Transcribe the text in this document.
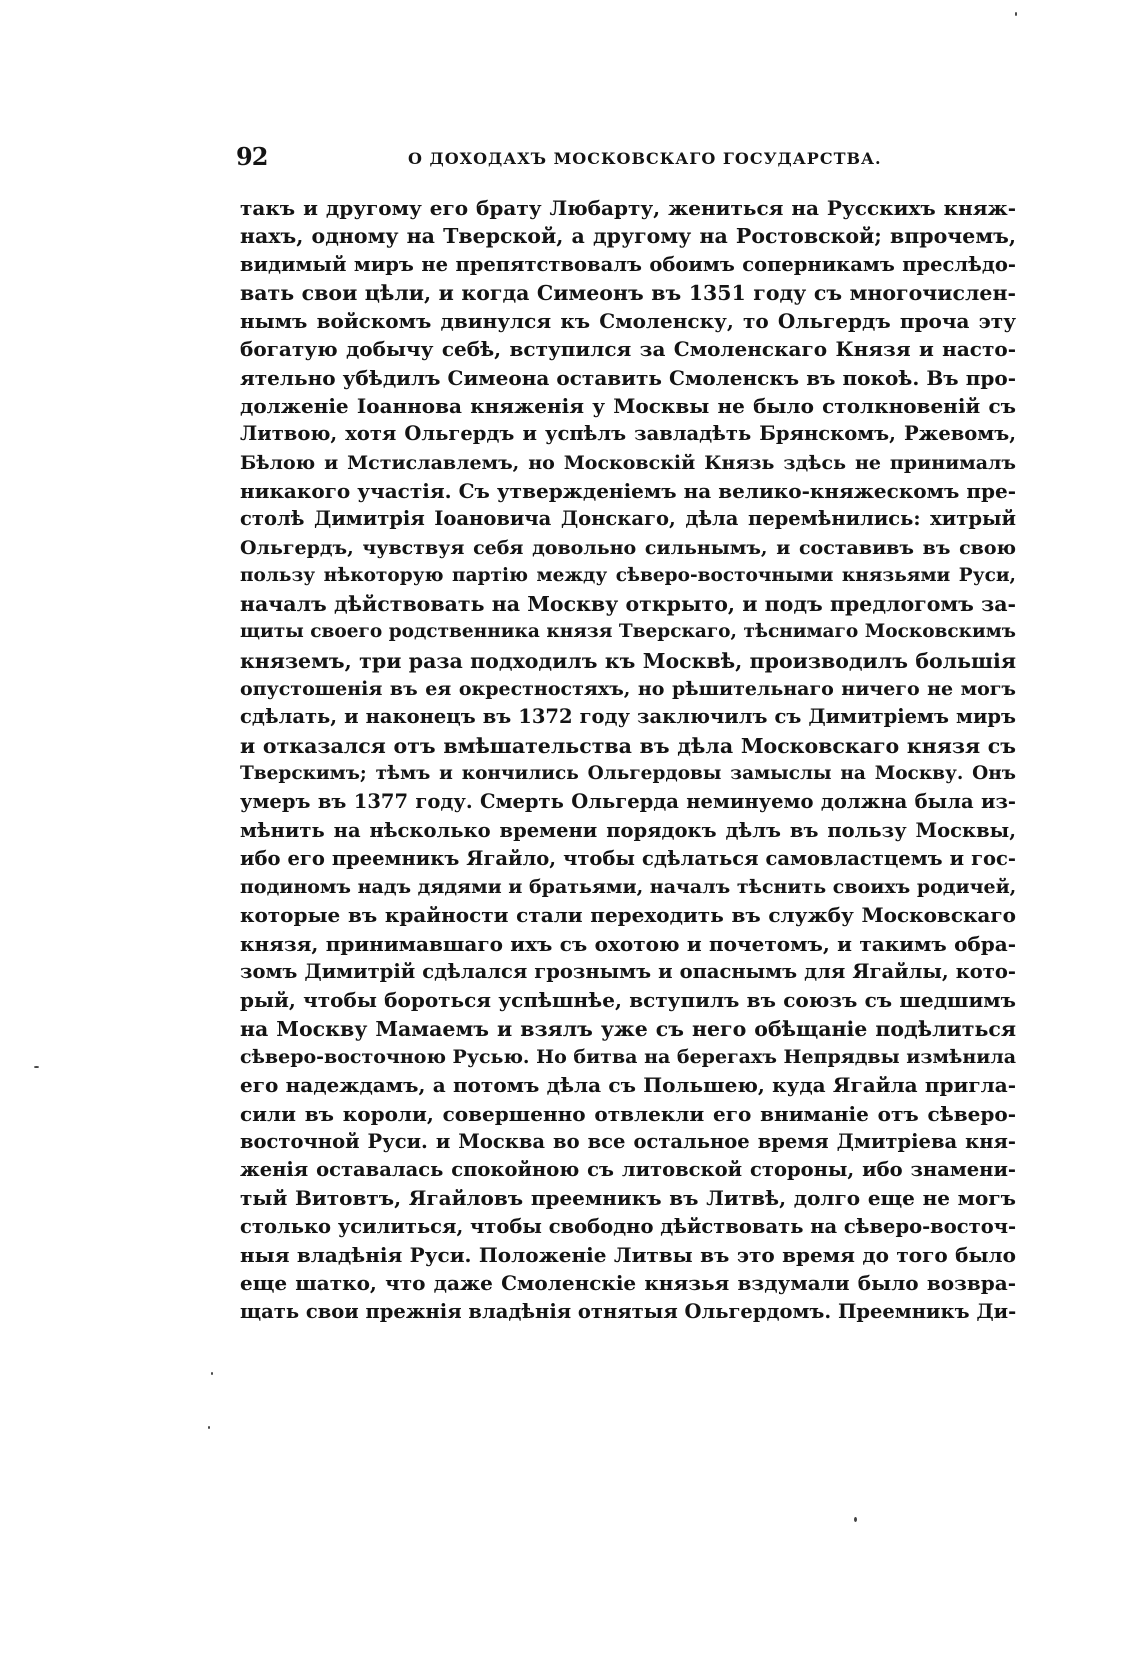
92	О ДОХОДАХЪ МОСКОВСКАГО ГОСУДАРСТВА.
такъ и другому его брату Любарту, жениться на Русскихъ княж-
нахъ, одному на Тверской, а другому на Ростовской; впрочемъ,
видимый миръ не препятствовалъ обоимъ соперникамъ преслѣдо-
вать свои цѣли, и когда Симеонъ въ 1351 году съ многочислен-
нымъ войскомъ двинулся къ Смоленску, то Ольгердъ проча эту
богатую добычу себѣ, вступился за Смоленскаго Князя и насто-
ятельно убѣдилъ Симеона оставить Смоленскъ въ покоѣ. Въ про-
долженіе Іоаннова княженія у Москвы не было столкновеній съ
Литвою, хотя Ольгердъ и успѣлъ завладѣть Брянскомъ, Ржевомъ,
Бѣлою и Мстиславлемъ, но Московскій Князь здѣсь не принималъ
никакого участія. Съ утвержденіемъ на велико-княжескомъ пре-
столѣ Димитрія Іоановича Донскаго, дѣла перемѣнились: хитрый
Ольгердъ, чувствуя себя довольно сильнымъ, и составивъ въ свою
пользу нѣкоторую партію между сѣверо-восточными князьями Руси,
началъ дѣйствовать на Москву открыто, и подъ предлогомъ за-
щиты своего родственника князя Тверскаго, тѣснимаго Московскимъ
княземъ, три раза подходилъ къ Москвѣ, производилъ большія
опустошенія въ ея окрестностяхъ, но рѣшительнаго ничего не могъ
сдѣлать, и наконецъ въ 1372 году заключилъ съ Димитріемъ миръ
и отказался отъ вмѣшательства въ дѣла Московскаго князя съ
Тверскимъ; тѣмъ и кончились Ольгердовы замыслы на Москву. Онъ
умеръ въ 1377 году. Смерть Ольгерда неминуемо должна была из-
мѣнить на нѣсколько времени порядокъ дѣлъ въ пользу Москвы,
ибо его преемникъ Ягайло, чтобы сдѣлаться самовластцемъ и гос-
подиномъ надъ дядями и братьями, началъ тѣснить своихъ родичей,
которые въ крайности стали переходить въ службу Московскаго
князя, принимавшаго ихъ съ охотою и почетомъ, и такимъ обра-
зомъ Димитрій сдѣлался грознымъ и опаснымъ для Ягайлы, кото-
рый, чтобы бороться успѣшнѣе, вступилъ въ союзъ съ шедшимъ
на Москву Мамаемъ и взялъ уже съ него обѣщаніе подѣлиться
сѣверо-восточною Русью. Но битва на берегахъ Непрядвы измѣнила
его надеждамъ, а потомъ дѣла съ Польшею, куда Ягайла пригла-
сили въ короли, совершенно отвлекли его вниманіе отъ сѣверо-
восточной Руси. и Москва во все остальное время Дмитріева кня-
женія оставалась спокойною съ литовской стороны, ибо знамени-
тый Витовтъ, Ягайловъ преемникъ въ Литвѣ, долго еще не могъ
столько усилиться, чтобы свободно дѣйствовать на сѣверо-восточ-
ныя владѣнія Руси. Положеніе Литвы въ это время до того было
еще шатко, что даже Смоленскіе князья вздумали было возвра-
щать свои прежнія владѣнія отнятыя Ольгердомъ. Преемникъ Ди-
